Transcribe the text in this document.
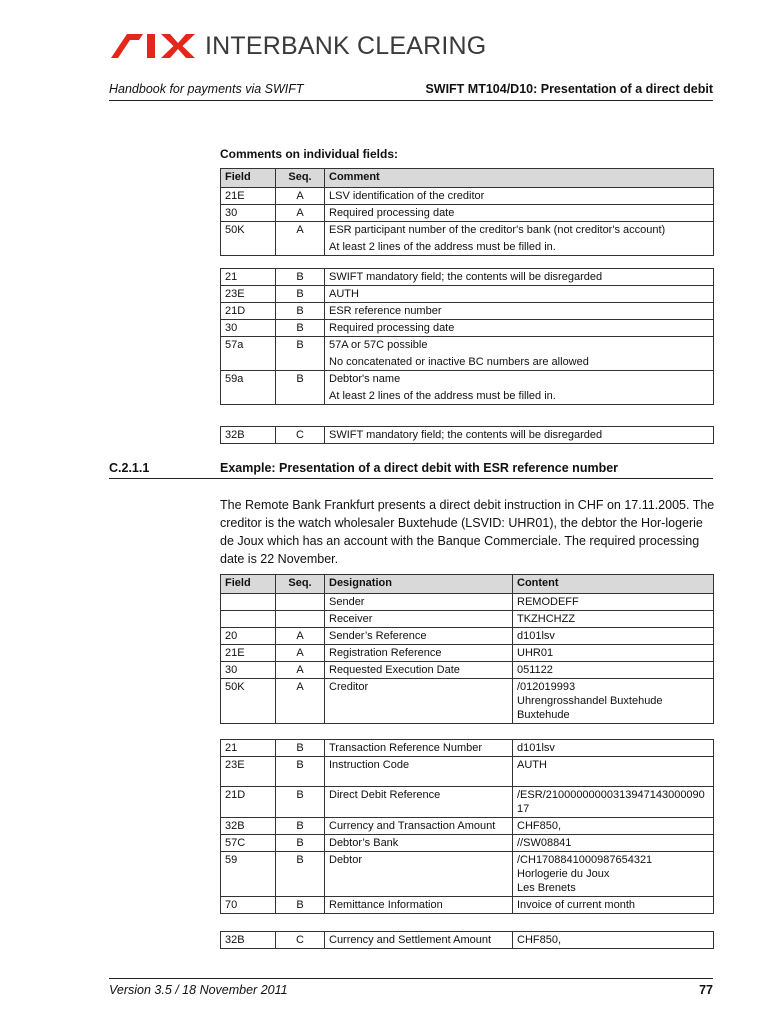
INTERBANK CLEARING
Handbook for payments via SWIFT	SWIFT MT104/D10: Presentation of a direct debit
Comments on individual fields:
Field	Seq.	Comment
21E	A	LSV identification of the creditor

30	A	Required processing date

50K	A	ESR participant number of the creditor's bank (not creditor's account)
At least 2 lines of the address must be filled in.
21	B	SWIFT mandatory field; the contents will be disregarded

23E	B	AUTH

21D	B	ESR reference number

30	B	Required processing date

57a	B	57A or 57C possible
No concatenated or inactive BC numbers are allowed

59a	B	Debtor's name
At least 2 lines of the address must be filled in.
32B	C	SWIFT mandatory field; the contents will be disregarded
C.2.1.1	Example: Presentation of a direct debit with ESR reference number
The Remote Bank Frankfurt presents a direct debit instruction in CHF on 17.11.2005. The creditor is the watch wholesaler Buxtehude (LSVID: UHR01), the debtor the Hor-logerie de Joux which has an account with the Banque Commerciale. The required processing date is 22 November.
Field	Seq.	Designation	Content
		Sender	REMODEFF

		Receiver	TKZHCHZZ

20	A	Sender’s Reference	d101lsv

21E	A	Registration Reference	UHR01

30	A	Requested Execution Date	051122

50K	A	Creditor	/012019993
Uhrengrosshandel Buxtehude
Buxtehude
21	B	Transaction Reference Number	d101lsv

23E	B	Instruction Code	AUTH

21D	B	Direct Debit Reference	/ESR/21000000000313947143000090
17

32B	B	Currency and Transaction Amount	CHF850,

57C	B	Debtor’s Bank	//SW08841

59	B	Debtor	/CH1708841000987654321
Horlogerie du Joux
Les Brenets

70	B	Remittance Information	Invoice of current month
32B	C	Currency and Settlement Amount	CHF850,
Version 3.5 / 18 November 2011	77
